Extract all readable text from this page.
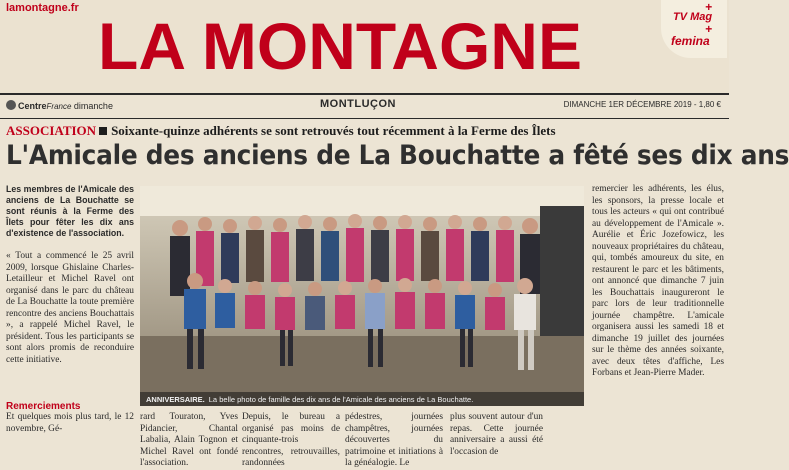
lamontagne.fr
LA MONTAGNE
+
TV Mag
+
femina
CentreFrance dimanche	MONTLUÇON	DIMANCHE 1ER DÉCEMBRE 2019 - 1,80 €
ASSOCIATION Soixante-quinze adhérents se sont retrouvés tout récemment à la Ferme des Îlets
L'Amicale des anciens de La Bouchatte a fêté ses dix ans
Les membres de l'Amicale des anciens de La Bouchatte se sont réunis à la Ferme des Îlets pour fêter les dix ans d'existence de l'association.
« Tout a commencé le 25 avril 2009, lorsque Ghislaine Charles-Letailleur et Michel Ravel ont organisé dans le parc du château de La Bouchatte la toute première rencontre des anciens Bouchattais », a rappelé Michel Ravel, le président. Tous les participants se sont alors promis de reconduire cette initiative.
Remerciements
Et quelques mois plus tard, le 12 novembre, Gé-
rard Touraton, Yves Pidancier, Chantal Labalia, Alain Tognon et Michel Ravel ont fondé l'association.
Depuis, le bureau a organisé pas moins de cinquante-trois rencontres, retrouvailles, randonnées
pédestres, journées champêtres, journées découvertes du patrimoine et initiations à la généalogie. Le
plus souvent autour d'un repas. Cette journée anniversaire a aussi été l'occasion de
remercier les adhérents, les élus, les sponsors, la presse locale et tous les acteurs « qui ont contribué au développement de l'Amicale ». Aurélie et Éric Jozefowicz, les nouveaux propriétaires du château, qui, tombés amoureux du site, en restaurent le parc et les bâtiments, ont annoncé que dimanche 7 juin les Bouchattais inaugureront le parc lors de leur traditionnelle journée champêtre. L'amicale organisera aussi les samedi 18 et dimanche 19 juillet des journées sur le thème des années soixante, avec deux têtes d'affiche, Les Forbans et Jean-Pierre Mader.
ANNIVERSAIRE. La belle photo de famille des dix ans de l'Amicale des anciens de La Bouchatte.
